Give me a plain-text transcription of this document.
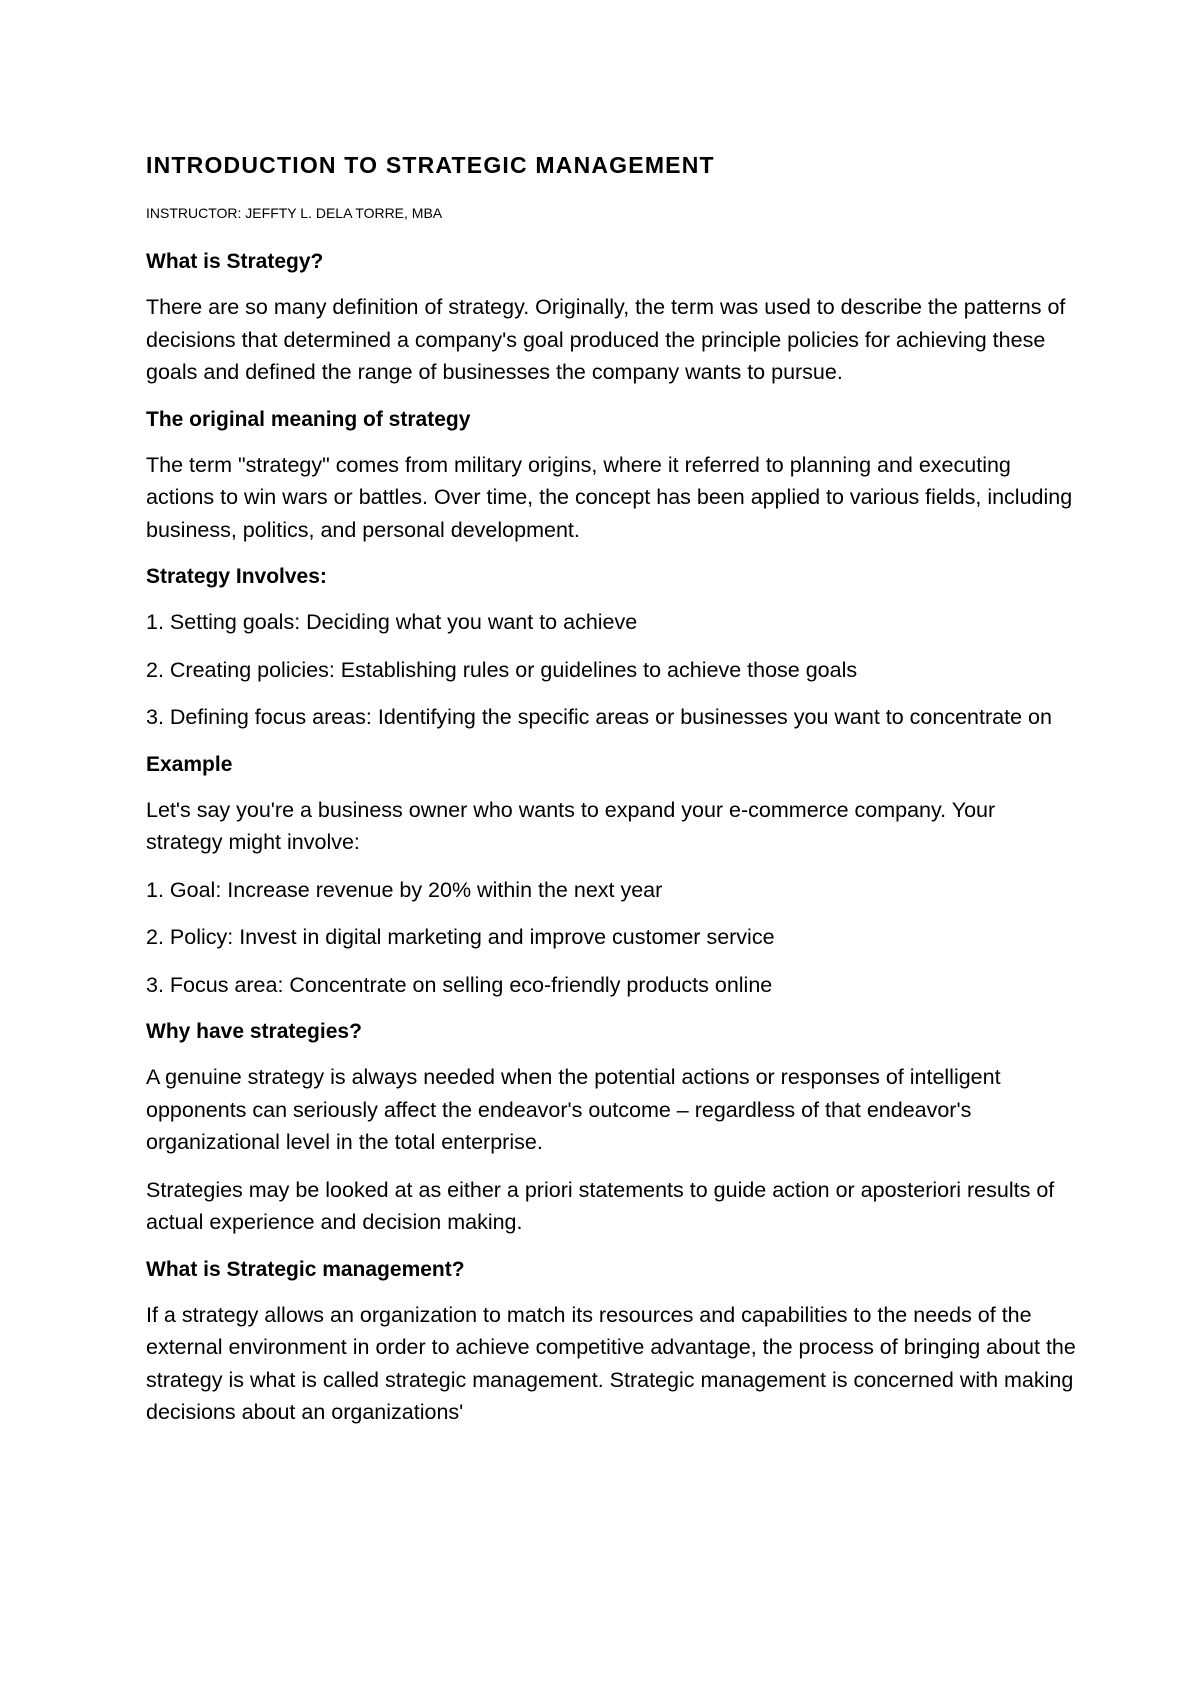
INTRODUCTION TO STRATEGIC MANAGEMENT
INSTRUCTOR: JEFFTY L. DELA TORRE, MBA
What is Strategy?

There are so many definition of strategy. Originally, the term was used to describe the patterns of decisions that determined a company's goal produced the principle policies for achieving these goals and defined the range of businesses the company wants to pursue.

The original meaning of strategy

The term "strategy" comes from military origins, where it referred to planning and executing actions to win wars or battles. Over time, the concept has been applied to various fields, including business, politics, and personal development.

Strategy Involves:

1. Setting goals: Deciding what you want to achieve

2. Creating policies: Establishing rules or guidelines to achieve those goals

3. Defining focus areas: Identifying the specific areas or businesses you want to concentrate on

Example

Let's say you're a business owner who wants to expand your e-commerce company. Your strategy might involve:

1. Goal: Increase revenue by 20% within the next year

2. Policy: Invest in digital marketing and improve customer service

3. Focus area: Concentrate on selling eco-friendly products online

Why have strategies?

A genuine strategy is always needed when the potential actions or responses of intelligent opponents can seriously affect the endeavor's outcome – regardless of that endeavor's organizational level in the total enterprise.

Strategies may be looked at as either a priori statements to guide action or aposteriori results of actual experience and decision making.

What is Strategic management?

If a strategy allows an organization to match its resources and capabilities to the needs of the external environment in order to achieve competitive advantage, the process of bringing about the strategy is what is called strategic management. Strategic management is concerned with making decisions about an organizations'
